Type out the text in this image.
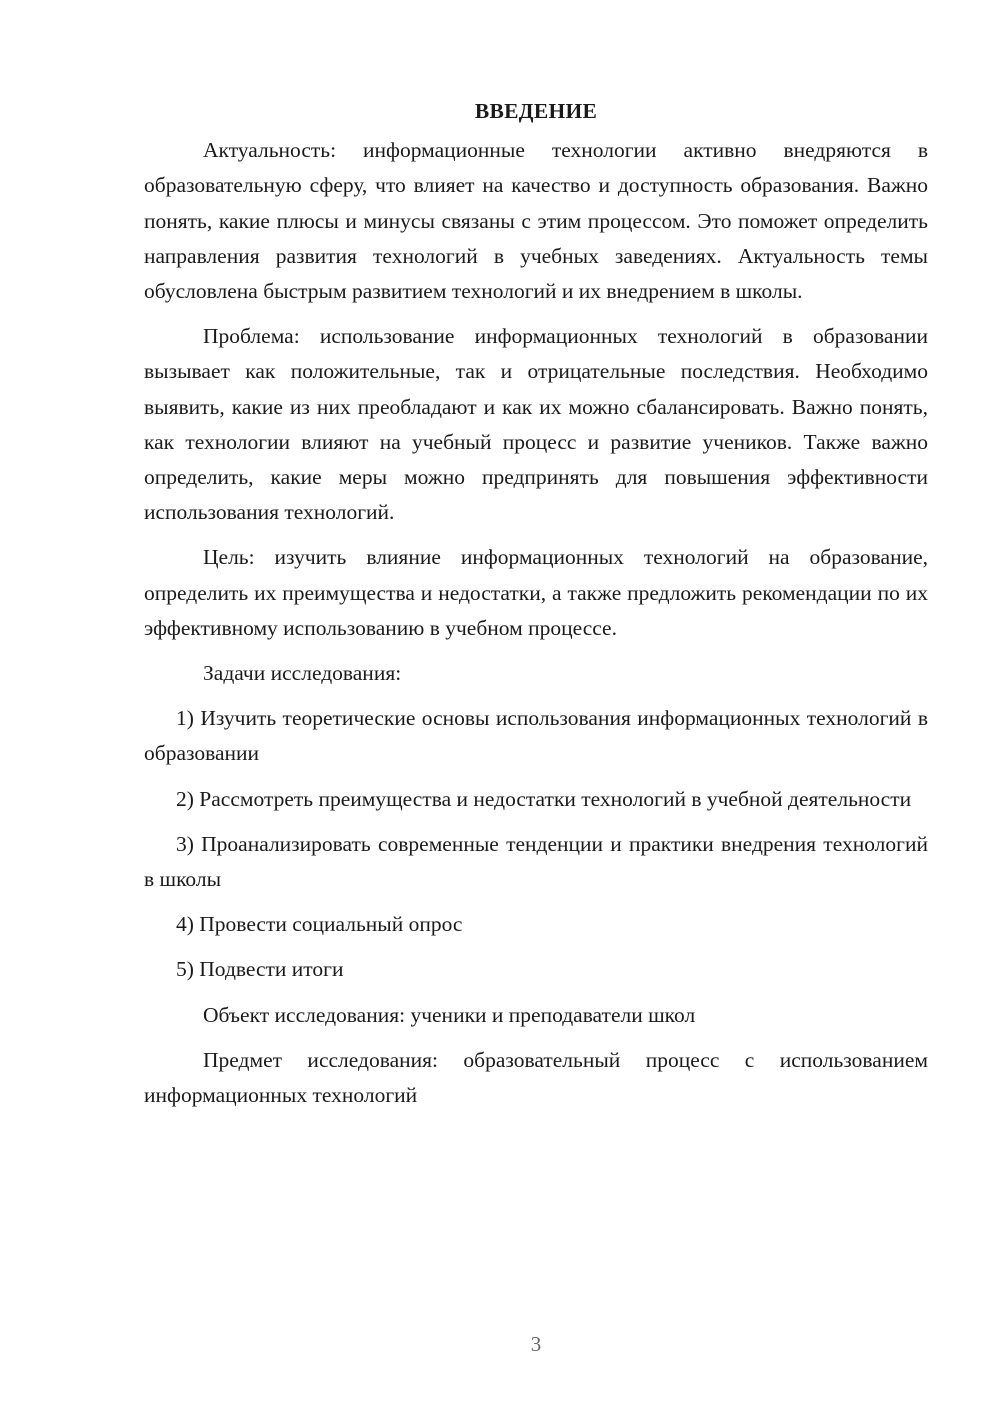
ВВЕДЕНИЕ

Актуальность: информационные технологии активно внедряются в образовательную сферу, что влияет на качество и доступность образования. Важно понять, какие плюсы и минусы связаны с этим процессом. Это поможет определить направления развития технологий в учебных заведениях. Актуальность темы обусловлена быстрым развитием технологий и их внедрением в школы.

Проблема: использование информационных технологий в образовании вызывает как положительные, так и отрицательные последствия. Необходимо выявить, какие из них преобладают и как их можно сбалансировать. Важно понять, как технологии влияют на учебный процесс и развитие учеников. Также важно определить, какие меры можно предпринять для повышения эффективности использования технологий.

Цель: изучить влияние информационных технологий на образование, определить их преимущества и недостатки, а также предложить рекомендации по их эффективному использованию в учебном процессе.

Задачи исследования:

1) Изучить теоретические основы использования информационных технологий в образовании

2) Рассмотреть преимущества и недостатки технологий в учебной деятельности

3) Проанализировать современные тенденции и практики внедрения технологий в школы

4) Провести социальный опрос

5) Подвести итоги

Объект исследования: ученики и преподаватели школ

Предмет исследования: образовательный процесс с использованием информационных технологий

3
